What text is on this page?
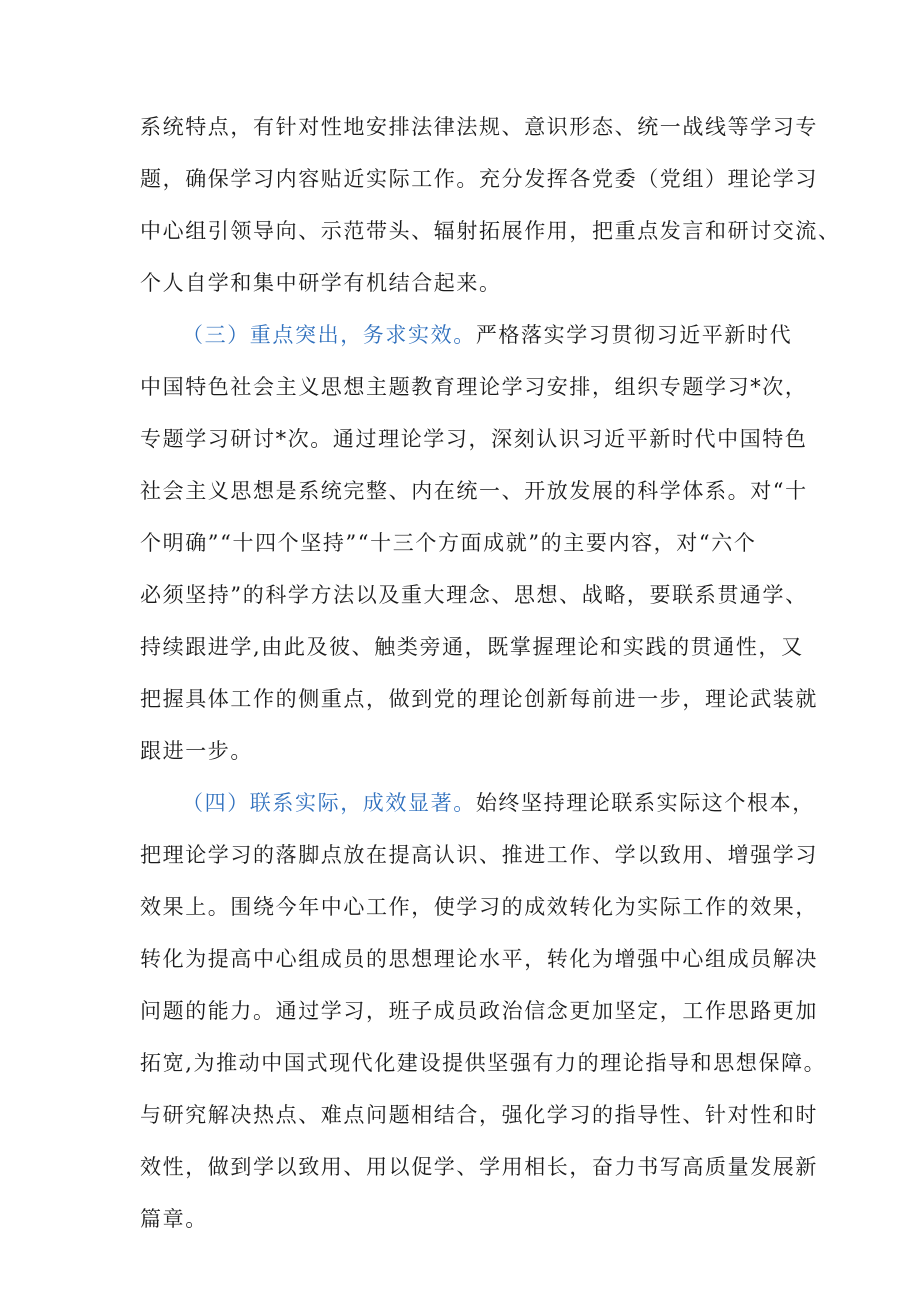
系统特点，有针对性地安排法律法规、意识形态、统一战线等学习专
题，确保学习内容贴近实际工作。充分发挥各党委（党组）理论学习
中心组引领导向、示范带头、辐射拓展作用，把重点发言和研讨交流、
个人自学和集中研学有机结合起来。
（三）重点突出，务求实效。严格落实学习贯彻习近平新时代
中国特色社会主义思想主题教育理论学习安排，组织专题学习*次，
专题学习研讨*次。通过理论学习，深刻认识习近平新时代中国特色
社会主义思想是系统完整、内在统一、开放发展的科学体系。对“十
个明确”“十四个坚持”“十三个方面成就”的主要内容，对“六个
必须坚持”的科学方法以及重大理念、思想、战略，要联系贯通学、
持续跟进学,由此及彼、触类旁通，既掌握理论和实践的贯通性，又
把握具体工作的侧重点，做到党的理论创新每前进一步，理论武装就
跟进一步。
（四）联系实际，成效显著。始终坚持理论联系实际这个根本，
把理论学习的落脚点放在提高认识、推进工作、学以致用、增强学习
效果上。围绕今年中心工作，使学习的成效转化为实际工作的效果，
转化为提高中心组成员的思想理论水平，转化为增强中心组成员解决
问题的能力。通过学习，班子成员政治信念更加坚定，工作思路更加
拓宽,为推动中国式现代化建设提供坚强有力的理论指导和思想保障。
与研究解决热点、难点问题相结合，强化学习的指导性、针对性和时
效性，做到学以致用、用以促学、学用相长，奋力书写高质量发展新
篇章。
